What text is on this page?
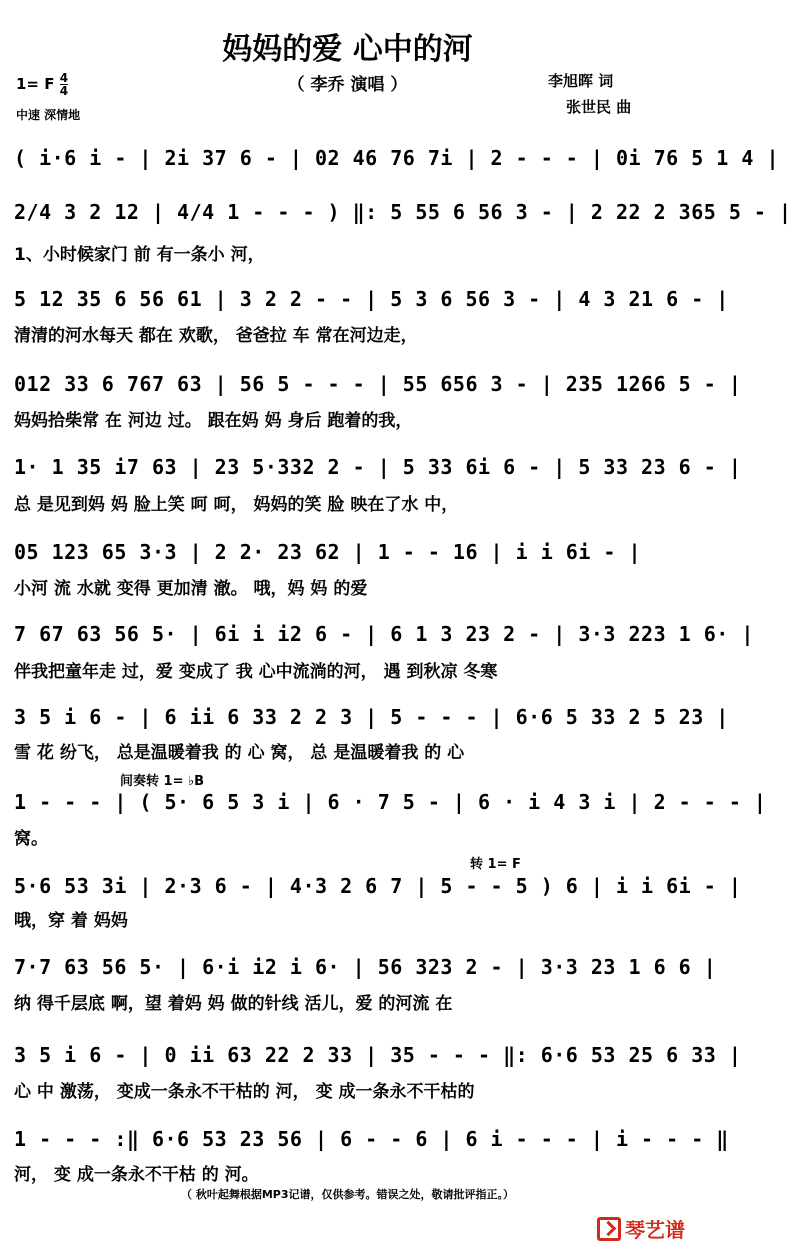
妈妈的爱 心中的河
（ 李乔 演唱 ）
1= F $\frac{4}{4}$
中速 深情地
李旭晖 词
张世民 曲
( i·6 i - | 2i 37 6 - | 02 46 76 7i | 2 - - - | 0i 76 5 1 4 |
2/4 3 2 12 | 4/4 1 - - - ) ‖: 5 55 6 56 3 - | 2 22 2 365 5 - |
1、小时候家门 前 有一条小 河，
5 12 35 6 56 61 | 3 2 2 - - | 5 3 6 56 3 - | 4 3 21 6 - |
清清的河水每天 都在 欢歌， 爸爸拉 车 常在河边走，
012 33 6 767 63 | 56 5 - - - | 55 656 3 - | 235 1266 5 - |
妈妈拾柴常 在 河边 过。 跟在妈 妈 身后 跑着的我，
1· 1 35 i7 63 | 23 5·332 2 - | 5 33 6i 6 - | 5 33 23 6 - |
总 是见到妈 妈 脸上笑 呵 呵， 妈妈的笑 脸 映在了水 中，
05 123 65 3·3 | 2 2· 23 62 | 1 - - 16 | i i 6i - |
小河 流 水就 变得 更加清 澈。 哦，妈 妈 的爱
7 67 63 56 5· | 6i i i2 6 - | 6 1 3 23 2 - | 3·3 223 1 6· |
伴我把童年走 过，爱 变成了 我 心中流淌的河， 遇 到秋凉 冬寒
3 5 i 6 - | 6 ii 6 33 2 2 3 | 5 - - - | 6·6 5 33 2 5 23 |
雪 花 纷飞， 总是温暖着我 的 心 窝， 总 是温暖着我 的 心
间奏转 1= ♭B
1 - - - | ( 5· 6 5 3 i | 6 · 7 5 - | 6 · i 4 3 i | 2 - - - |
窝。
转 1= F
5·6 53 3i | 2·3 6 - | 4·3 2 6 7 | 5 - - 5 ) 6 | i i 6i - |
哦，穿 着 妈妈
7·7 63 56 5· | 6·i i2 i 6· | 56 323 2 - | 3·3 23 1 6 6 |
纳 得千层底 啊，望 着妈 妈 做的针线 活儿，爱 的河流 在
3 5 i 6 - | 0 ii 63 22 2 33 | 35 - - - ‖: 6·6 53 25 6 33 |
心 中 激荡， 变成一条永不干枯的 河， 变 成一条永不干枯的
1 - - - :‖ 6·6 53 23 56 | 6 - - 6 | 6 i - - - | i - - - ‖
河， 变 成一条永不干枯 的 河。
（ 秋叶起舞根据MP3记谱，仅供参考。错误之处，敬请批评指正。）
琴艺谱
